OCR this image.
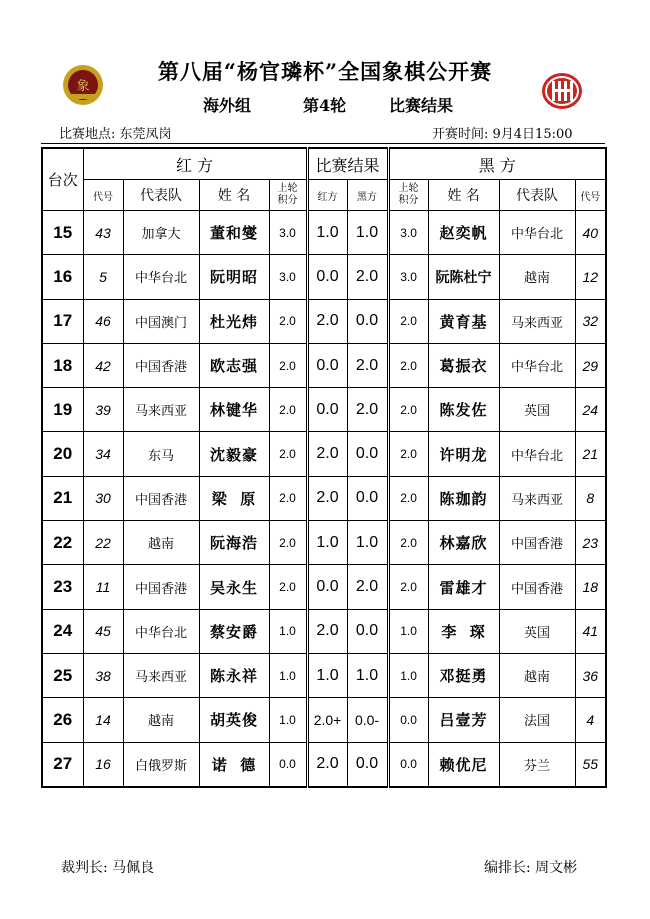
第八届“杨官璘杯”全国象棋公开赛
象
海外组	第4轮	比赛结果
比赛地点: 东莞凤岗	开赛时间: 9月4日15:00
台次	红 方				比赛结果		黑 方			
	代号	代表队	姓 名	上轮积分	红方	黑方	上轮积分	姓 名	代表队	代号
15	43	加拿大	董和燮	3.0	1.0	1.0	3.0	赵奕帆	中华台北	40
16	5	中华台北	阮明昭	3.0	0.0	2.0	3.0	阮陈杜宁	越南	12
17	46	中国澳门	杜光炜	2.0	2.0	0.0	2.0	黄育基	马来西亚	32
18	42	中国香港	欧志强	2.0	0.0	2.0	2.0	葛振衣	中华台北	29
19	39	马来西亚	林键华	2.0	0.0	2.0	2.0	陈发佐	英国	24
20	34	东马	沈毅豪	2.0	2.0	0.0	2.0	许明龙	中华台北	21
21	30	中国香港	梁  原	2.0	2.0	0.0	2.0	陈珈韵	马来西亚	8
22	22	越南	阮海浩	2.0	1.0	1.0	2.0	林嘉欣	中国香港	23
23	11	中国香港	吴永生	2.0	0.0	2.0	2.0	雷雄才	中国香港	18
24	45	中华台北	蔡安爵	1.0	2.0	0.0	1.0	李  琛	英国	41
25	38	马来西亚	陈永祥	1.0	1.0	1.0	1.0	邓挺勇	越南	36
26	14	越南	胡英俊	1.0	2.0+	0.0-	0.0	吕壹芳	法国	4
27	16	白俄罗斯	诺  德	0.0	2.0	0.0	0.0	赖优尼	芬兰	55
裁判长: 马佩良	编排长: 周文彬
